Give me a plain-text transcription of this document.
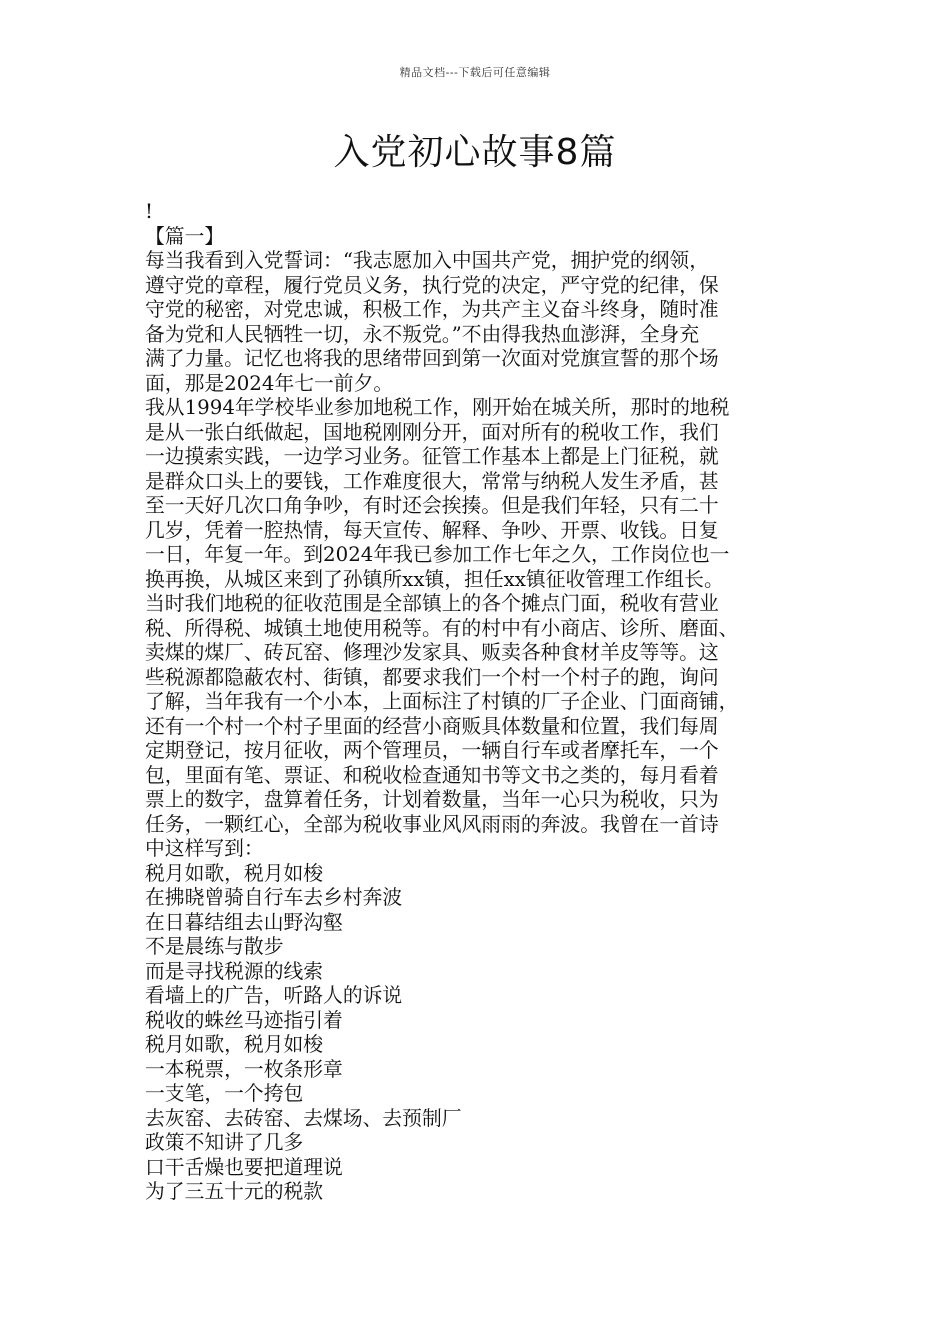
精品文档---下载后可任意编辑
入党初心故事8篇
!
【篇一】
每当我看到入党誓词：“我志愿加入中国共产党，拥护党的纲领，
遵守党的章程，履行党员义务，执行党的决定，严守党的纪律，保
守党的秘密，对党忠诚，积极工作，为共产主义奋斗终身，随时准
备为党和人民牺牲一切，永不叛党。”不由得我热血澎湃，全身充
满了力量。记忆也将我的思绪带回到第一次面对党旗宣誓的那个场
面，那是2024年七一前夕。
我从1994年学校毕业参加地税工作，刚开始在城关所，那时的地税
是从一张白纸做起，国地税刚刚分开，面对所有的税收工作，我们
一边摸索实践，一边学习业务。征管工作基本上都是上门征税，就
是群众口头上的要钱，工作难度很大，常常与纳税人发生矛盾，甚
至一天好几次口角争吵，有时还会挨揍。但是我们年轻，只有二十
几岁，凭着一腔热情，每天宣传、解释、争吵、开票、收钱。日复
一日，年复一年。到2024年我已参加工作七年之久，工作岗位也一
换再换，从城区来到了孙镇所xx镇，担任xx镇征收管理工作组长。
当时我们地税的征收范围是全部镇上的各个摊点门面，税收有营业
税、所得税、城镇土地使用税等。有的村中有小商店、诊所、磨面、
卖煤的煤厂、砖瓦窑、修理沙发家具、贩卖各种食材羊皮等等。这
些税源都隐蔽农村、街镇，都要求我们一个村一个村子的跑，询问
了解，当年我有一个小本，上面标注了村镇的厂子企业、门面商铺，
还有一个村一个村子里面的经营小商贩具体数量和位置，我们每周
定期登记，按月征收，两个管理员，一辆自行车或者摩托车，一个
包，里面有笔、票证、和税收检查通知书等文书之类的，每月看着
票上的数字，盘算着任务，计划着数量，当年一心只为税收，只为
任务，一颗红心，全部为税收事业风风雨雨的奔波。我曾在一首诗
中这样写到：
税月如歌，税月如梭
在拂晓曾骑自行车去乡村奔波
在日暮结组去山野沟壑
不是晨练与散步
而是寻找税源的线索
看墙上的广告，听路人的诉说
税收的蛛丝马迹指引着
税月如歌，税月如梭
一本税票，一枚条形章
一支笔，一个挎包
去灰窑、去砖窑、去煤场、去预制厂
政策不知讲了几多
口干舌燥也要把道理说
为了三五十元的税款
